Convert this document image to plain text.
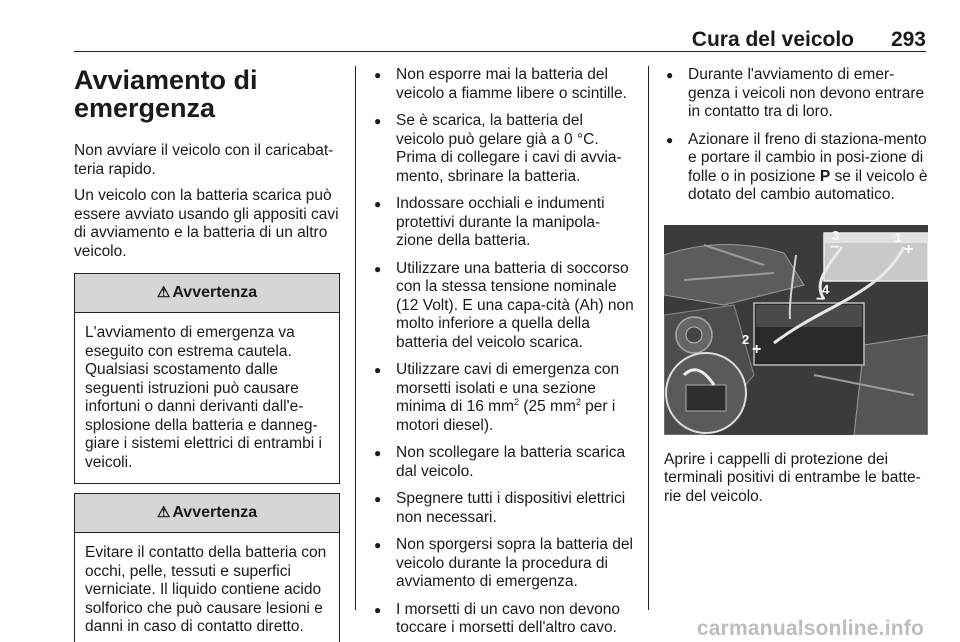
Cura del veicolo 293
Avviamento di
emergenza

Non avviare il veicolo con il caricabat-teria rapido.

Un veicolo con la batteria scarica può essere avviato usando gli appositi cavi di avviamento e la batteria di un altro veicolo.

⚠ Avvertenza
L'avviamento di emergenza va eseguito con estrema cautela. Qualsiasi scostamento dalle seguenti istruzioni può causare infortuni o danni derivanti dall'e-splosione della batteria e danneg-giare i sistemi elettrici di entrambi i veicoli.
⚠ Avvertenza
Evitare il contatto della batteria con occhi, pelle, tessuti e superfici verniciate. Il liquido contiene acido solforico che può causare lesioni e danni in caso di contatto diretto.
● Non esporre mai la batteria del veicolo a fiamme libere o scintille.
● Se è scarica, la batteria del veicolo può gelare già a 0 °C. Prima di collegare i cavi di avvia-mento, sbrinare la batteria.
● Indossare occhiali e indumenti protettivi durante la manipola-zione della batteria.
● Utilizzare una batteria di soccorso con la stessa tensione nominale (12 Volt). E una capa-cità (Ah) non molto inferiore a quella della batteria del veicolo scarica.
● Utilizzare cavi di emergenza con morsetti isolati e una sezione minima di 16 $mm^2$ (25 $mm^2$ per i motori diesel).
● Non scollegare la batteria scarica dal veicolo.
● Spegnere tutti i dispositivi elettrici non necessari.
● Non sporgersi sopra la batteria del veicolo durante la procedura di avviamento di emergenza.
● I morsetti di un cavo non devono toccare i morsetti dell'altro cavo.
● Durante l'avviamento di emer-genza i veicoli non devono entrare in contatto tra di loro.
● Azionare il freno di staziona-mento e portare il cambio in posi-zione di folle o in posizione P se il veicolo è dotato del cambio automatico.
1
+
3
−
4
−
2
+

Aprire i cappelli di protezione dei terminali positivi di entrambe le batte-rie del veicolo.

carmanualsonline.info
